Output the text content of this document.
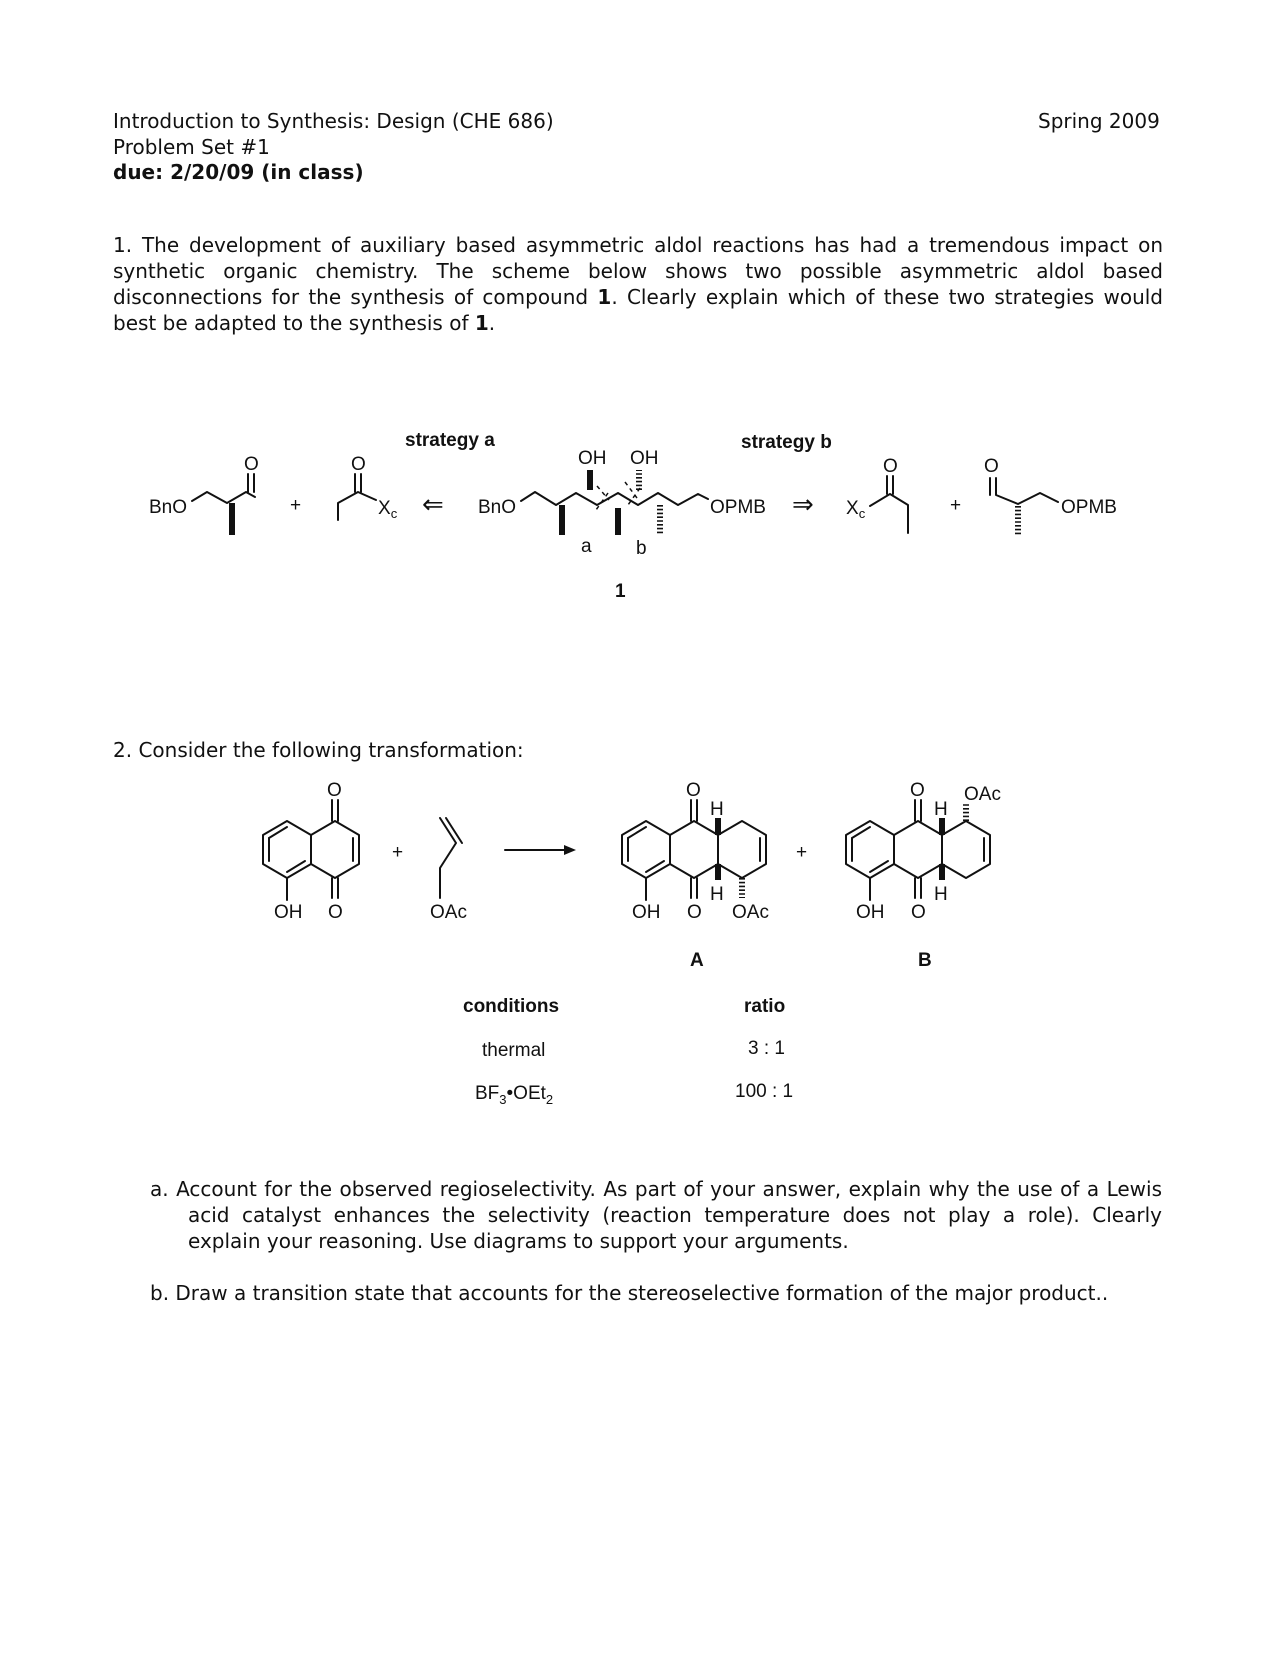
Introduction to Synthesis: Design (CHE 686)
Problem Set #1
due: 2/20/09 (in class)
Spring 2009
1. The development of auxiliary based asymmetric aldol reactions has had a tremendous impact on synthetic organic chemistry. The scheme below shows two possible asymmetric aldol based disconnections for the synthesis of compound 1. Clearly explain which of these two strategies would best be adapted to the synthesis of 1.
2. Consider the following transformation:
a. Account for the observed regioselectivity. As part of your answer, explain why the use of a Lewis acid catalyst enhances the selectivity (reaction temperature does not play a role). Clearly explain your reasoning. Use diagrams to support your arguments.
b. Draw a transition state that accounts for the stereoselective formation of the major product..
strategy a	strategy b
BnO
O
+
O
$X_c$ ⇐ BnO
OH OH
OPMB
a b
1
⇒ $X_c$
O
+
O
OPMB
O
O
OH
+
OAc
O
H
H
O
OH	OAc
A
+
O
H
H
OAc
O
OH
B
conditions	ratio
thermal	3 : 1
$BF_3•OEt_2$	100 : 1
